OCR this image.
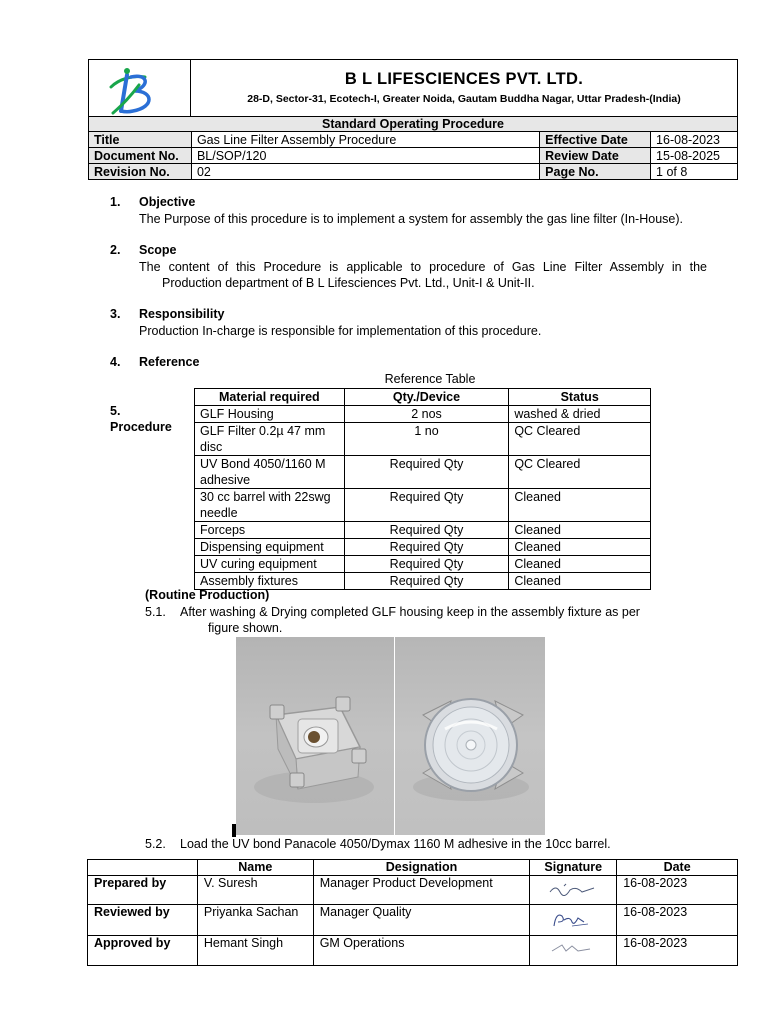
B L LIFESCIENCES PVT. LTD.
28-D, Sector-31, Ecotech-I, Greater Noida, Gautam Buddha Nagar, Uttar Pradesh-(India)
Standard Operating Procedure
Title	Gas Line Filter Assembly Procedure	Effective Date	16-08-2023
Document No.	BL/SOP/120	Review Date	15-08-2025
Revision No.	02	Page No.	1 of 8
1. Objective
The Purpose of this procedure is to implement a system for assembly the gas line filter (In-House).
2. Scope
The content of this Procedure is applicable to procedure of Gas Line Filter Assembly in the
Production department of B L Lifesciences Pvt. Ltd., Unit-I & Unit-II.
3. Responsibility
Production In-charge is responsible for implementation of this procedure.
4. Reference
Reference Table
5.
Procedure
Material required	Qty./Device	Status
GLF Housing	2 nos	washed & dried
GLF Filter 0.2µ 47 mm disc	1 no	QC Cleared
UV Bond 4050/1160 M adhesive	Required Qty	QC Cleared
30 cc barrel with 22swg needle	Required Qty	Cleaned
Forceps	Required Qty	Cleaned
Dispensing equipment	Required Qty	Cleaned
UV curing equipment	Required Qty	Cleaned
Assembly fixtures	Required Qty	Cleaned
(Routine Production)
5.1. After washing & Drying completed GLF housing keep in the assembly fixture as per
figure shown.
5.2. Load the UV bond Panacole 4050/Dymax 1160 M adhesive in the 10cc barrel.
	Name	Designation	Signature	Date
Prepared by	V. Suresh	Manager Product Development		16-08-2023
Reviewed by	Priyanka Sachan	Manager Quality		16-08-2023
Approved by	Hemant Singh	GM Operations		16-08-2023
